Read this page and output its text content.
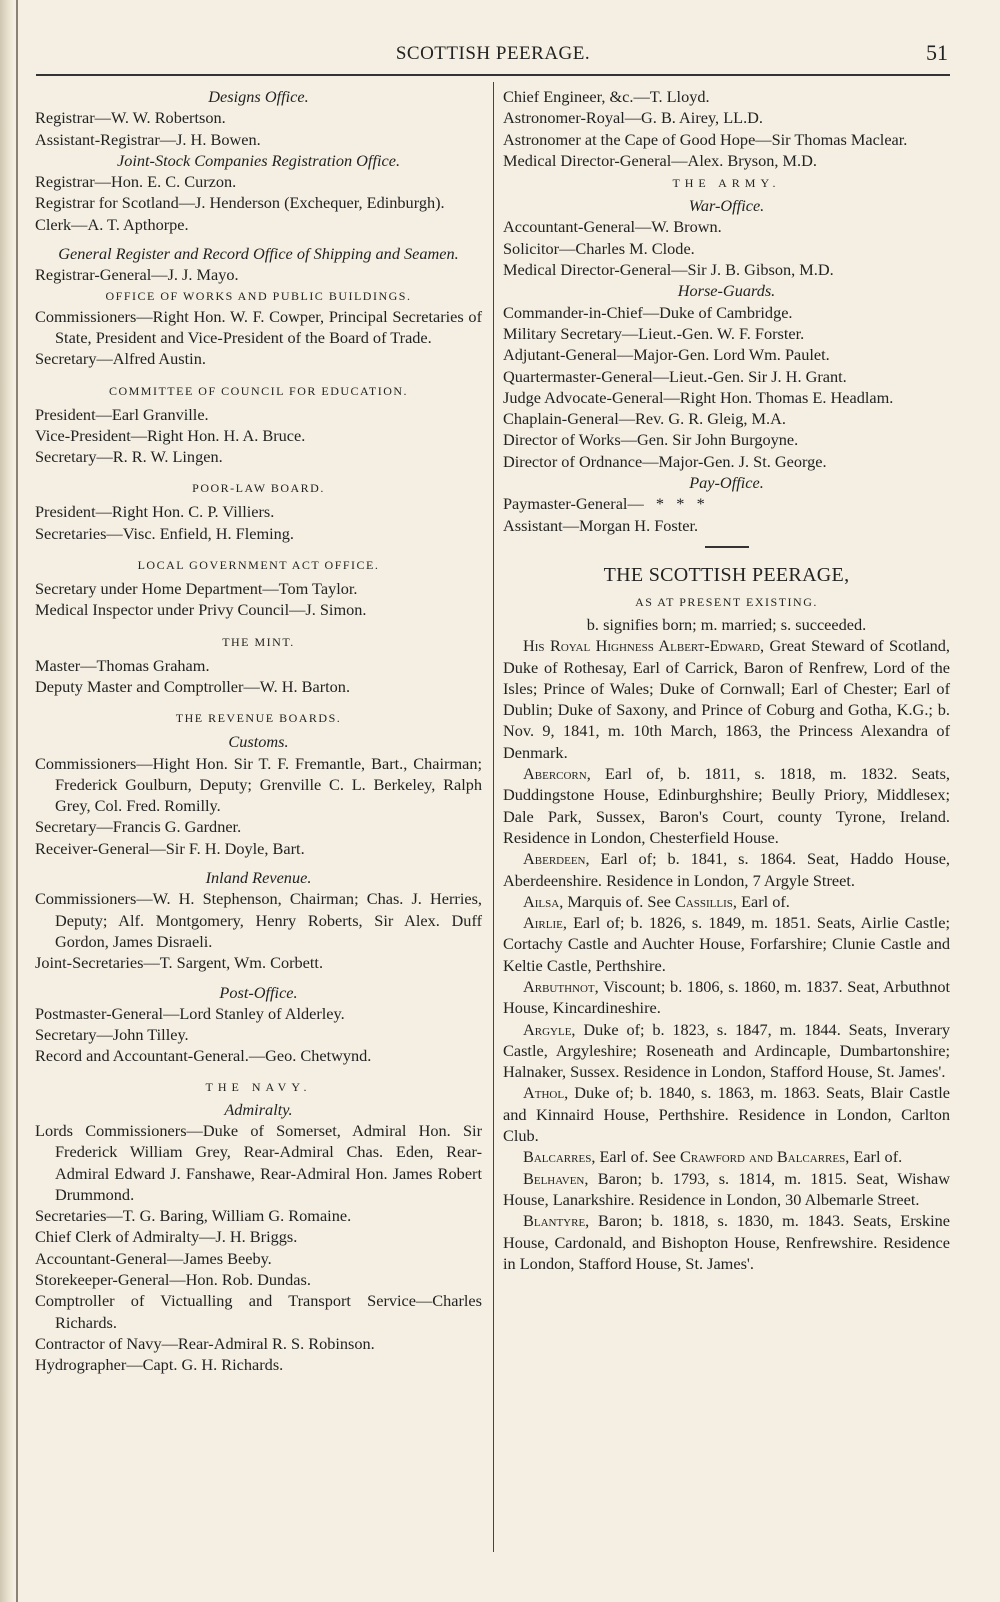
SCOTTISH PEERAGE.	51
Designs Office.
Registrar—W. W. Robertson.
Assistant-Registrar—J. H. Bowen.
Joint-Stock Companies Registration Office.
Registrar—Hon. E. C. Curzon.
Registrar for Scotland—J. Henderson (Exchequer, Edinburgh).
Clerk—A. T. Apthorpe.
General Register and Record Office of Shipping and Seamen.
Registrar-General—J. J. Mayo.
OFFICE OF WORKS AND PUBLIC BUILDINGS.
Commissioners—Right Hon. W. F. Cowper, Principal Secretaries of State, President and Vice-President of the Board of Trade.
Secretary—Alfred Austin.
COMMITTEE OF COUNCIL FOR EDUCATION.
President—Earl Granville.
Vice-President—Right Hon. H. A. Bruce.
Secretary—R. R. W. Lingen.
POOR-LAW BOARD.
President—Right Hon. C. P. Villiers.
Secretaries—Visc. Enfield, H. Fleming.
LOCAL GOVERNMENT ACT OFFICE.
Secretary under Home Department—Tom Taylor.
Medical Inspector under Privy Council—J. Simon.
THE MINT.
Master—Thomas Graham.
Deputy Master and Comptroller—W. H. Barton.
THE REVENUE BOARDS.
Customs.
Commissioners—Hight Hon. Sir T. F. Fremantle, Bart., Chairman; Frederick Goulburn, Deputy; Grenville C. L. Berkeley, Ralph Grey, Col. Fred. Romilly.
Secretary—Francis G. Gardner.
Receiver-General—Sir F. H. Doyle, Bart.
Inland Revenue.
Commissioners—W. H. Stephenson, Chairman; Chas. J. Herries, Deputy; Alf. Montgomery, Henry Roberts, Sir Alex. Duff Gordon, James Disraeli.
Joint-Secretaries—T. Sargent, Wm. Corbett.
Post-Office.
Postmaster-General—Lord Stanley of Alderley.
Secretary—John Tilley.
Record and Accountant-General.—Geo. Chetwynd.
THE NAVY.
Admiralty.
Lords Commissioners—Duke of Somerset, Admiral Hon. Sir Frederick William Grey, Rear-Admiral Chas. Eden, Rear-Admiral Edward J. Fanshawe, Rear-Admiral Hon. James Robert Drummond.
Secretaries—T. G. Baring, William G. Romaine.
Chief Clerk of Admiralty—J. H. Briggs.
Accountant-General—James Beeby.
Storekeeper-General—Hon. Rob. Dundas.
Comptroller of Victualling and Transport Service—Charles Richards.
Contractor of Navy—Rear-Admiral R. S. Robinson.
Hydrographer—Capt. G. H. Richards.
Chief Engineer, &c.—T. Lloyd.
Astronomer-Royal—G. B. Airey, LL.D.
Astronomer at the Cape of Good Hope—Sir Thomas Maclear.
Medical Director-General—Alex. Bryson, M.D.
THE ARMY.
War-Office.
Accountant-General—W. Brown.
Solicitor—Charles M. Clode.
Medical Director-General—Sir J. B. Gibson, M.D.
Horse-Guards.
Commander-in-Chief—Duke of Cambridge.
Military Secretary—Lieut.-Gen. W. F. Forster.
Adjutant-General—Major-Gen. Lord Wm. Paulet.
Quartermaster-General—Lieut.-Gen. Sir J. H. Grant.
Judge Advocate-General—Right Hon. Thomas E. Headlam.
Chaplain-General—Rev. G. R. Gleig, M.A.
Director of Works—Gen. Sir John Burgoyne.
Director of Ordnance—Major-Gen. J. St. George.
Pay-Office.
Paymaster-General—   *   *   *
Assistant—Morgan H. Foster.
THE SCOTTISH PEERAGE,
AS AT PRESENT EXISTING.
b. signifies born; m. married; s. succeeded.
His Royal Highness Albert-Edward, Great Steward of Scotland, Duke of Rothesay, Earl of Carrick, Baron of Renfrew, Lord of the Isles; Prince of Wales; Duke of Cornwall; Earl of Chester; Earl of Dublin; Duke of Saxony, and Prince of Coburg and Gotha, K.G.; b. Nov. 9, 1841, m. 10th March, 1863, the Princess Alexandra of Denmark.
Abercorn, Earl of, b. 1811, s. 1818, m. 1832. Seats, Duddingstone House, Edinburghshire; Beully Priory, Middlesex; Dale Park, Sussex, Baron's Court, county Tyrone, Ireland. Residence in London, Chesterfield House.
Aberdeen, Earl of; b. 1841, s. 1864. Seat, Haddo House, Aberdeenshire. Residence in London, 7 Argyle Street.
Ailsa, Marquis of. See Cassillis, Earl of.
Airlie, Earl of; b. 1826, s. 1849, m. 1851. Seats, Airlie Castle; Cortachy Castle and Auchter House, Forfarshire; Clunie Castle and Keltie Castle, Perthshire.
Arbuthnot, Viscount; b. 1806, s. 1860, m. 1837. Seat, Arbuthnot House, Kincardineshire.
Argyle, Duke of; b. 1823, s. 1847, m. 1844. Seats, Inverary Castle, Argyleshire; Roseneath and Ardincaple, Dumbartonshire; Halnaker, Sussex. Residence in London, Stafford House, St. James'.
Athol, Duke of; b. 1840, s. 1863, m. 1863. Seats, Blair Castle and Kinnaird House, Perthshire. Residence in London, Carlton Club.
Balcarres, Earl of. See Crawford and Balcarres, Earl of.
Belhaven, Baron; b. 1793, s. 1814, m. 1815. Seat, Wishaw House, Lanarkshire. Residence in London, 30 Albemarle Street.
Blantyre, Baron; b. 1818, s. 1830, m. 1843. Seats, Erskine House, Cardonald, and Bishopton House, Renfrewshire. Residence in London, Stafford House, St. James'.
